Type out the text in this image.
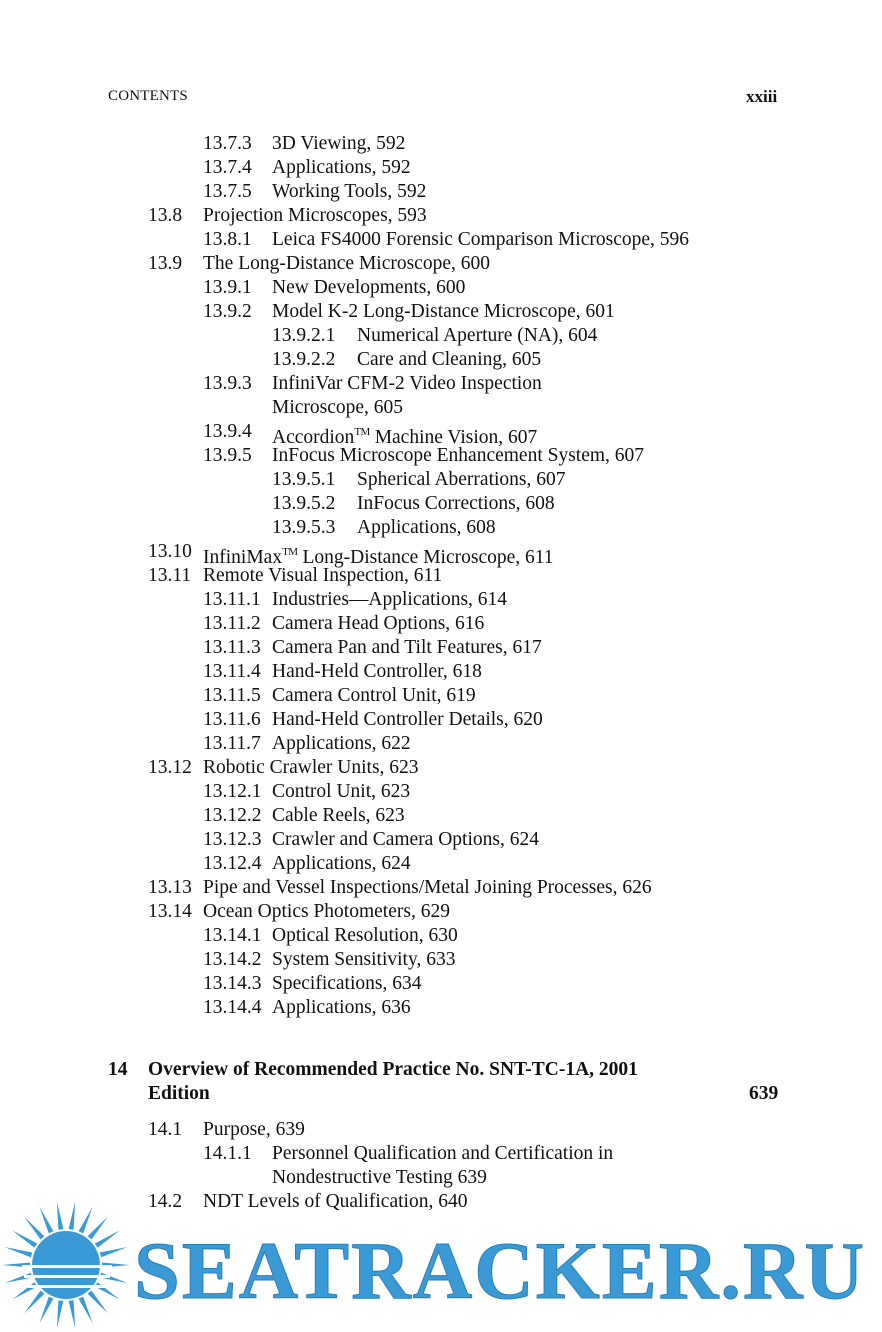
CONTENTS	xxiii
13.7.3 3D Viewing, 592
13.7.4 Applications, 592
13.7.5 Working Tools, 592
13.8 Projection Microscopes, 593
13.8.1 Leica FS4000 Forensic Comparison Microscope, 596
13.9 The Long-Distance Microscope, 600
13.9.1 New Developments, 600
13.9.2 Model K-2 Long-Distance Microscope, 601
13.9.2.1 Numerical Aperture (NA), 604
13.9.2.2 Care and Cleaning, 605
13.9.3 InfiniVar CFM-2 Video Inspection
Microscope, 605
13.9.4 Accordion™ Machine Vision, 607
13.9.5 InFocus Microscope Enhancement System, 607
13.9.5.1 Spherical Aberrations, 607
13.9.5.2 InFocus Corrections, 608
13.9.5.3 Applications, 608
13.10 InfiniMax™ Long-Distance Microscope, 611
13.11 Remote Visual Inspection, 611
13.11.1 Industries—Applications, 614
13.11.2 Camera Head Options, 616
13.11.3 Camera Pan and Tilt Features, 617
13.11.4 Hand-Held Controller, 618
13.11.5 Camera Control Unit, 619
13.11.6 Hand-Held Controller Details, 620
13.11.7 Applications, 622
13.12 Robotic Crawler Units, 623
13.12.1 Control Unit, 623
13.12.2 Cable Reels, 623
13.12.3 Crawler and Camera Options, 624
13.12.4 Applications, 624
13.13 Pipe and Vessel Inspections/Metal Joining Processes, 626
13.14 Ocean Optics Photometers, 629
13.14.1 Optical Resolution, 630
13.14.2 System Sensitivity, 633
13.14.3 Specifications, 634
13.14.4 Applications, 636
14 Overview of Recommended Practice No. SNT-TC-1A, 2001
Edition	639
14.1 Purpose, 639
14.1.1 Personnel Qualification and Certification in
Nondestructive Testing 639
14.2 NDT Levels of Qualification, 640
SEATRACKER.RU
